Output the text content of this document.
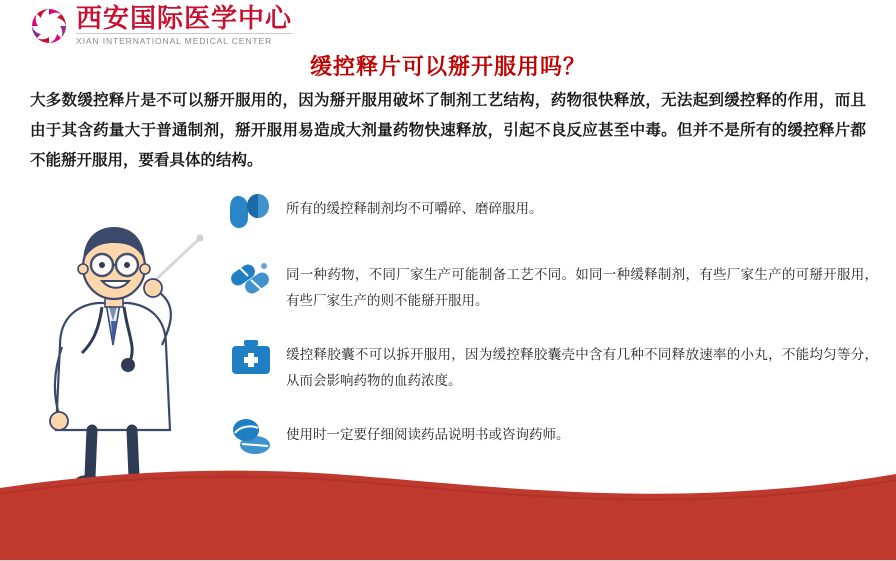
西安国际医学中心
XIAN INTERNATIONAL MEDICAL CENTER
缓控释片可以掰开服用吗？
大多数缓控释片是不可以掰开服用的，因为掰开服用破坏了制剂工艺结构，药物很快释放，无法起到缓控释的作用，而且由于其含药量大于普通制剂，掰开服用易造成大剂量药物快速释放，引起不良反应甚至中毒。但并不是所有的缓控释片都不能掰开服用，要看具体的结构。
所有的缓控释制剂均不可嚼碎、磨碎服用。
同一种药物，不同厂家生产可能制备工艺不同。如同一种缓释制剂，有些厂家生产的可掰开服用，有些厂家生产的则不能掰开服用。
缓控释胶囊不可以拆开服用，因为缓控释胶囊壳中含有几种不同释放速率的小丸，不能均匀等分，从而会影响药物的血药浓度。
使用时一定要仔细阅读药品说明书或咨询药师。
